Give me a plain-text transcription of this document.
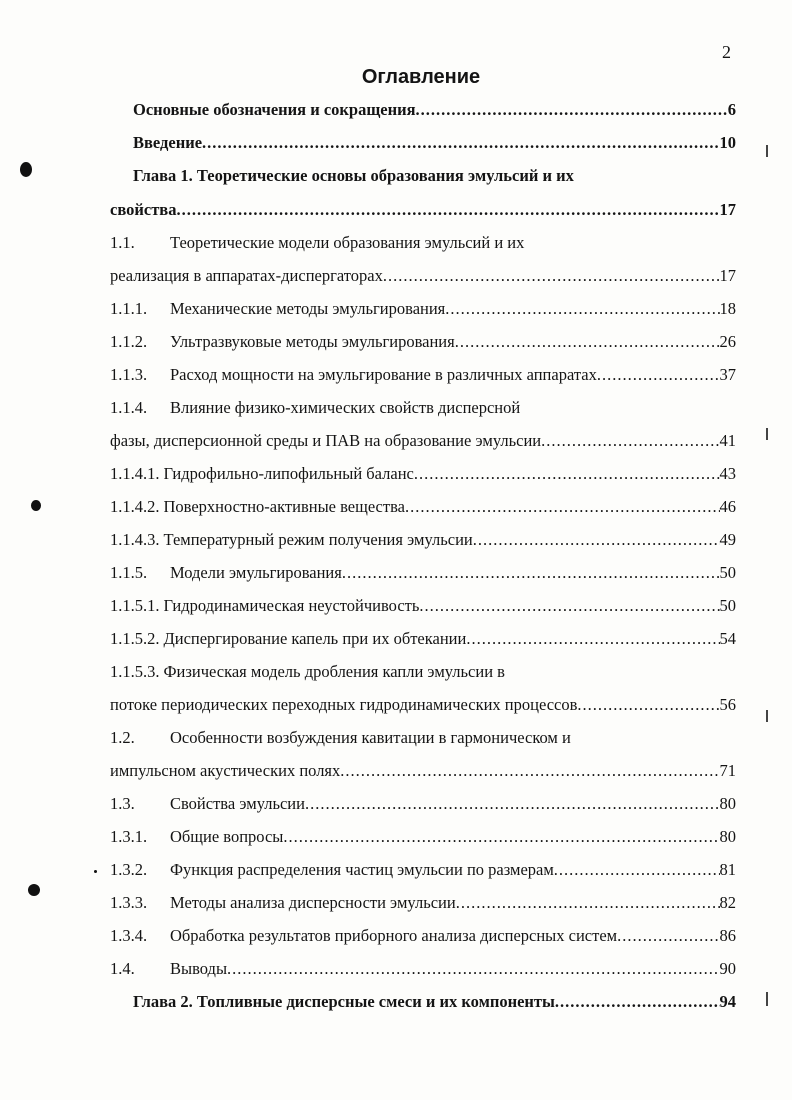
2
Оглавление
Основные обозначения и сокращения .....	6
Введение .....	10
Глава 1. Теоретические основы образования эмульсий и их
свойства .....	17
1.1.	Теоретические модели образования эмульсий и их
реализация в аппаратах-диспергаторах .....	17
1.1.1.	Механические методы эмульгирования .....	18
1.1.2.	Ультразвуковые методы эмульгирования .....	26
1.1.3.	Расход мощности на эмульгирование в различных аппаратах .....	37
1.1.4.	Влияние физико-химических свойств дисперсной
фазы, дисперсионной среды и ПАВ на образование эмульсии .....	41
1.1.4.1. Гидрофильно-липофильный баланс .....	43
1.1.4.2. Поверхностно-активные вещества .....	46
1.1.4.3. Температурный режим получения эмульсии .....	49
1.1.5.	Модели эмульгирования .....	50
1.1.5.1. Гидродинамическая неустойчивость .....	50
1.1.5.2. Диспергирование капель при их обтекании .....	54
1.1.5.3. Физическая модель дробления капли эмульсии в
потоке периодических переходных гидродинамических процессов .....	56
1.2.	Особенности возбуждения кавитации в гармоническом и
импульсном акустических полях .....	71
1.3.	Свойства эмульсии .....	80
1.3.1.	Общие вопросы .....	80
1.3.2.	Функция распределения частиц эмульсии по размерам .....	81
1.3.3.	Методы анализа дисперсности эмульсии .....	82
1.3.4.	Обработка результатов приборного анализа дисперсных систем .....	86
1.4.	Выводы .....	90
Глава 2. Топливные дисперсные смеси и их компоненты .....	94
